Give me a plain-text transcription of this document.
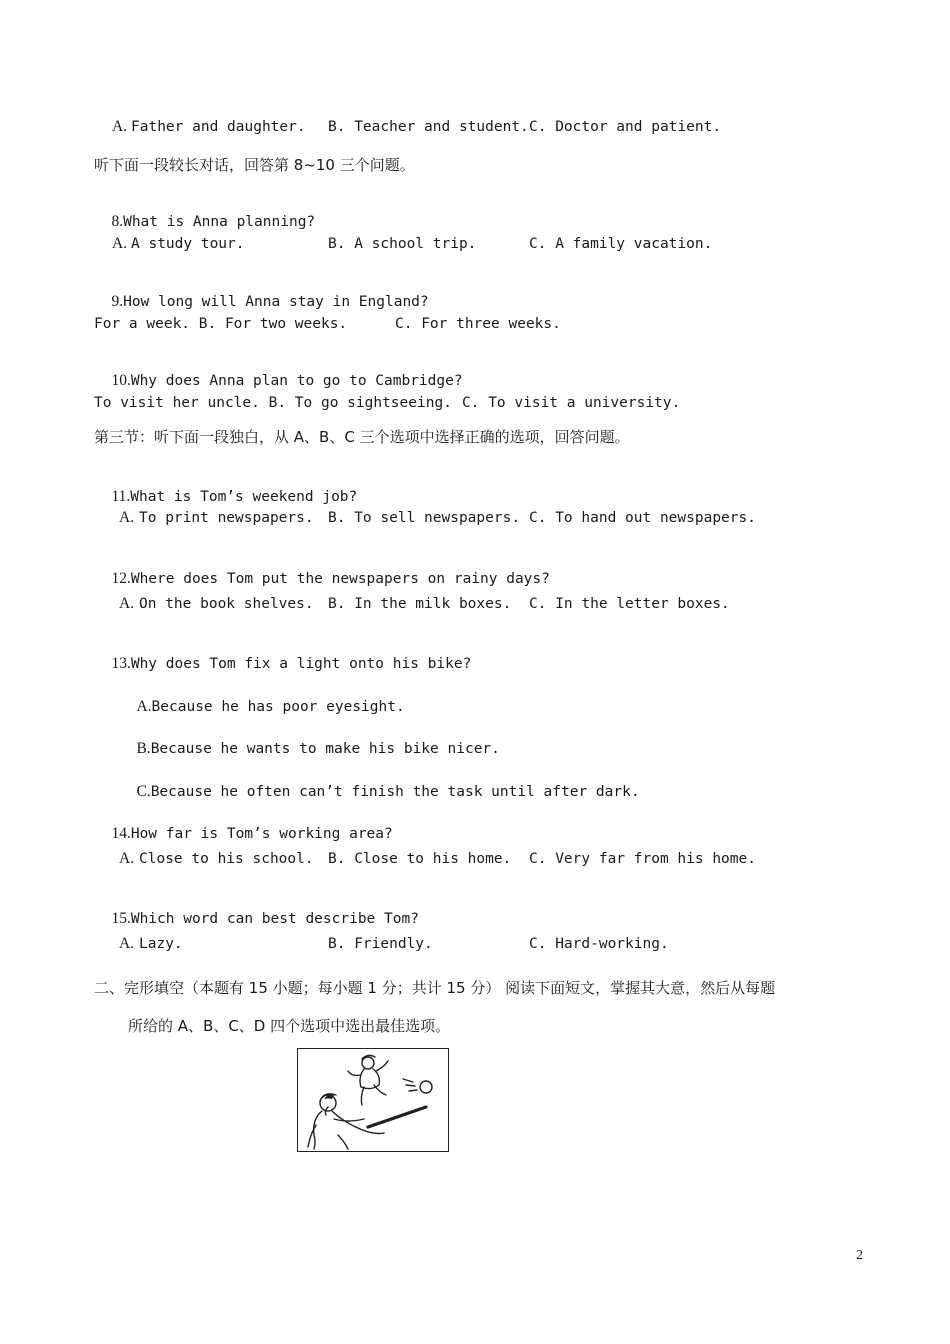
A.

Father and daughter.

B. Teacher and student.

C. Doctor and patient.

听下面一段较长对话，回答第 8~10 三个问题。

8.What is Anna planning?

A.

A study tour.

	B. A school trip.

	C. A family vacation.

9.How long will Anna stay in England?

For a week. B. For two weeks.

	C. For three weeks.

10.Why does Anna plan to go to Cambridge?

To visit her uncle. B. To go sightseeing.

C. To visit a university.

第三节：听下面一段独白，从 A、B、C 三个选项中选择正确的选项，回答问题。

11.What is Tom’s weekend job?

A.

To print newspapers.

B. To sell newspapers.

C. To hand out newspapers.

12.Where does Tom put the newspapers on rainy days?

A.

On the book shelves.

B. In the milk boxes.

C. In the letter boxes.

13.Why does Tom fix a light onto his bike?

A.Because he has poor eyesight.

B.Because he wants to make his bike nicer.

C.Because he often can’t finish the task until after dark.

14.How far is Tom’s working area?

A.

Close to his school.

B. Close to his home.

C. Very far from his home.

15.Which word can best describe Tom?

A.

Lazy.

	B. Friendly.

	C. Hard-working.

二、完形填空（本题有 15 小题；每小题 1 分；共计 15 分） 阅读下面短文，掌握其大意，然后从每题
所给的 A、B、C、D 四个选项中选出最佳选项。
2
